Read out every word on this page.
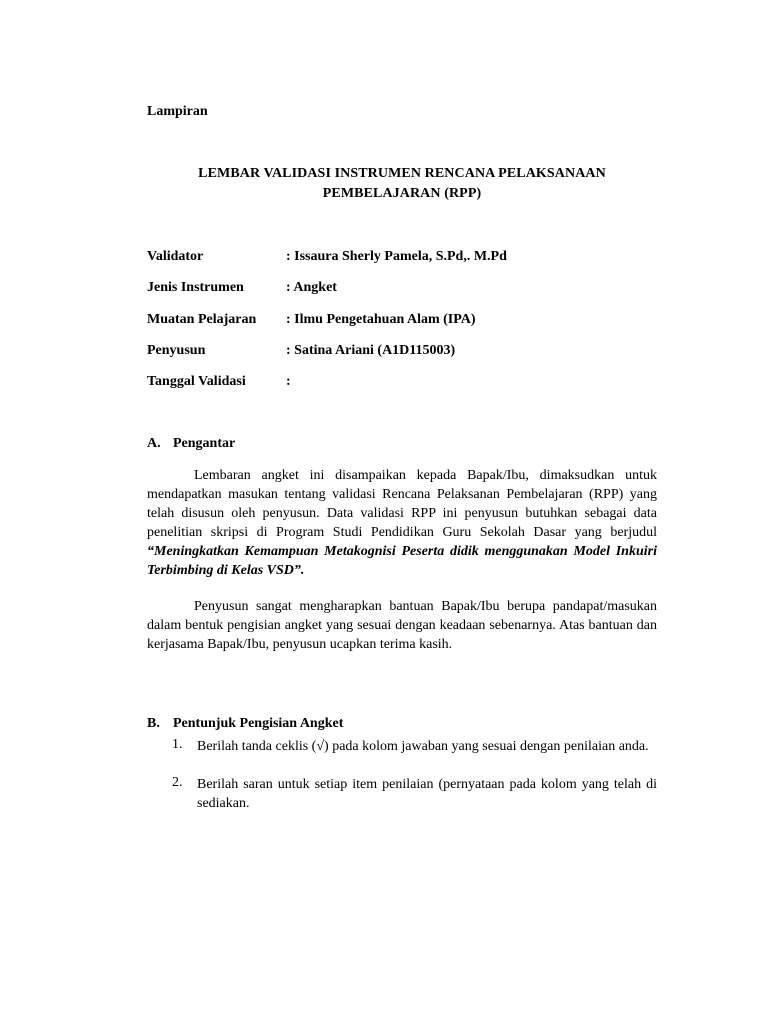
Lampiran
LEMBAR VALIDASI INSTRUMEN RENCANA PELAKSANAAN
PEMBELAJARAN (RPP)
Validator	: Issaura Sherly Pamela, S.Pd,. M.Pd
Jenis Instrumen	: Angket
Muatan Pelajaran : Ilmu Pengetahuan Alam (IPA)
Penyusun	: Satina Ariani (A1D115003)
Tanggal Validasi	:
A. Pengantar
Lembaran angket ini disampaikan kepada Bapak/Ibu, dimaksudkan untuk mendapatkan masukan tentang validasi Rencana Pelaksanan Pembelajaran (RPP) yang telah disusun oleh penyusun. Data validasi RPP ini penyusun butuhkan sebagai data penelitian skripsi di Program Studi Pendidikan Guru Sekolah Dasar yang berjudul “Meningkatkan Kemampuan Metakognisi Peserta didik menggunakan Model Inkuiri Terbimbing di Kelas VSD”.
Penyusun sangat mengharapkan bantuan Bapak/Ibu berupa pandapat/masukan dalam bentuk pengisian angket yang sesuai dengan keadaan sebenarnya. Atas bantuan dan kerjasama Bapak/Ibu, penyusun ucapkan terima kasih.
B. Pentunjuk Pengisian Angket
1. Berilah tanda ceklis (√) pada kolom jawaban yang sesuai dengan penilaian anda.
2. Berilah saran untuk setiap item penilaian (pernyataan pada kolom yang telah di sediakan.
